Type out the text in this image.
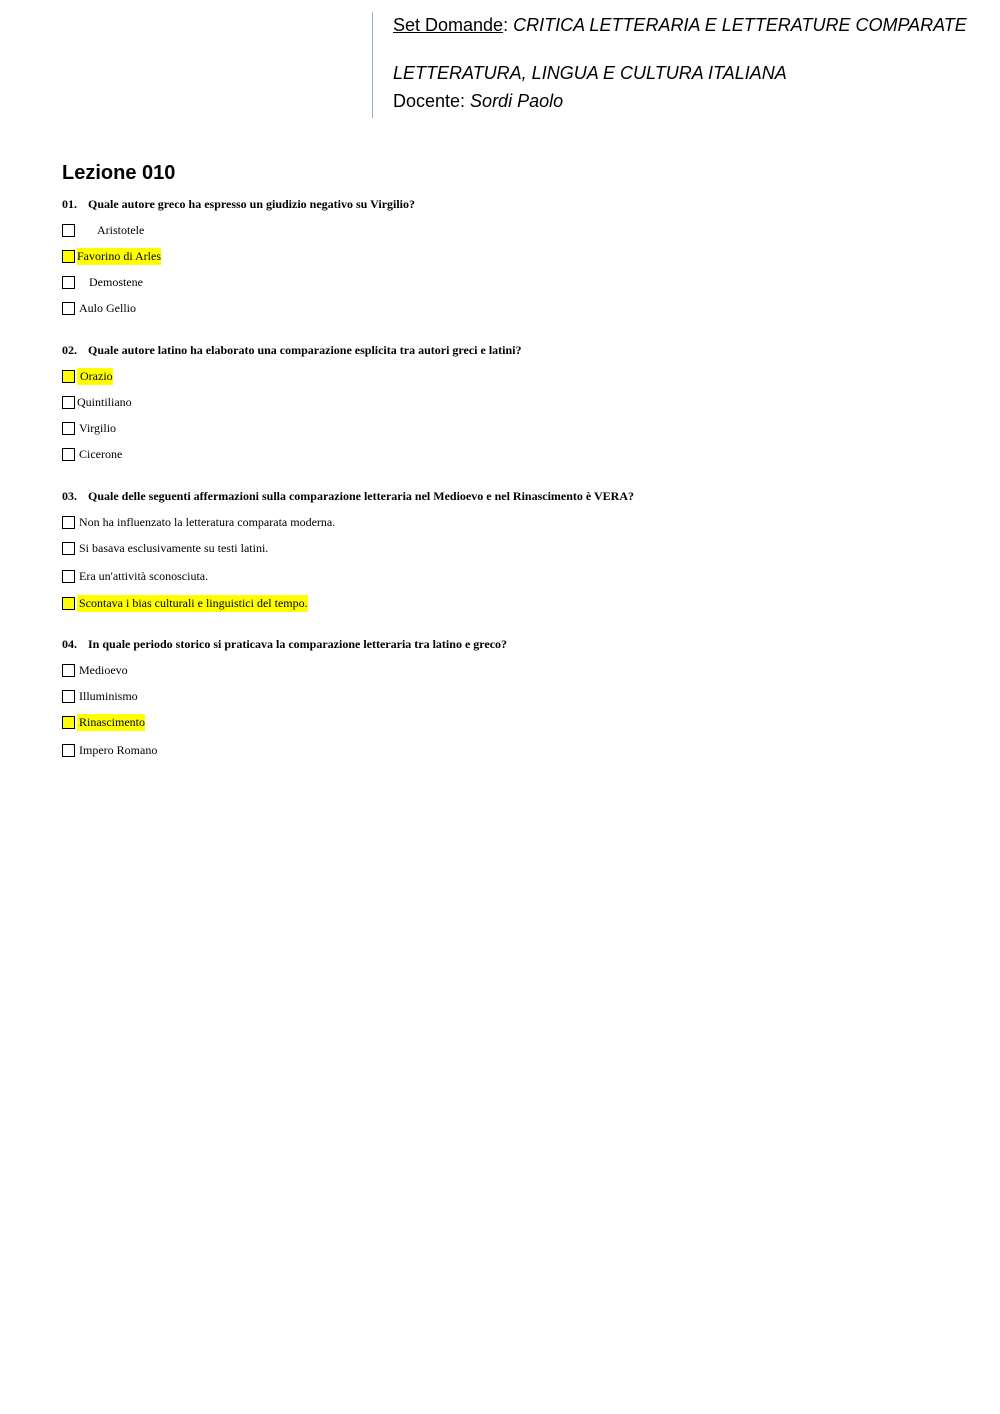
Set Domande: CRITICA LETTERARIA E LETTERATURE COMPARATE
LETTERATURA, LINGUA E CULTURA ITALIANA
Docente: Sordi Paolo
Lezione 010
01. Quale autore greco ha espresso un giudizio negativo su Virgilio?
Aristotele
Favorino di Arles
Demostene
Aulo Gellio
02. Quale autore latino ha elaborato una comparazione esplicita tra autori greci e latini?
Orazio
Quintiliano
Virgilio
Cicerone
03. Quale delle seguenti affermazioni sulla comparazione letteraria nel Medioevo e nel Rinascimento è VERA?
Non ha influenzato la letteratura comparata moderna.
Si basava esclusivamente su testi latini.
Era un'attività sconosciuta.
Scontava i bias culturali e linguistici del tempo.
04. In quale periodo storico si praticava la comparazione letteraria tra latino e greco?
Medioevo
Illuminismo
Rinascimento
Impero Romano
